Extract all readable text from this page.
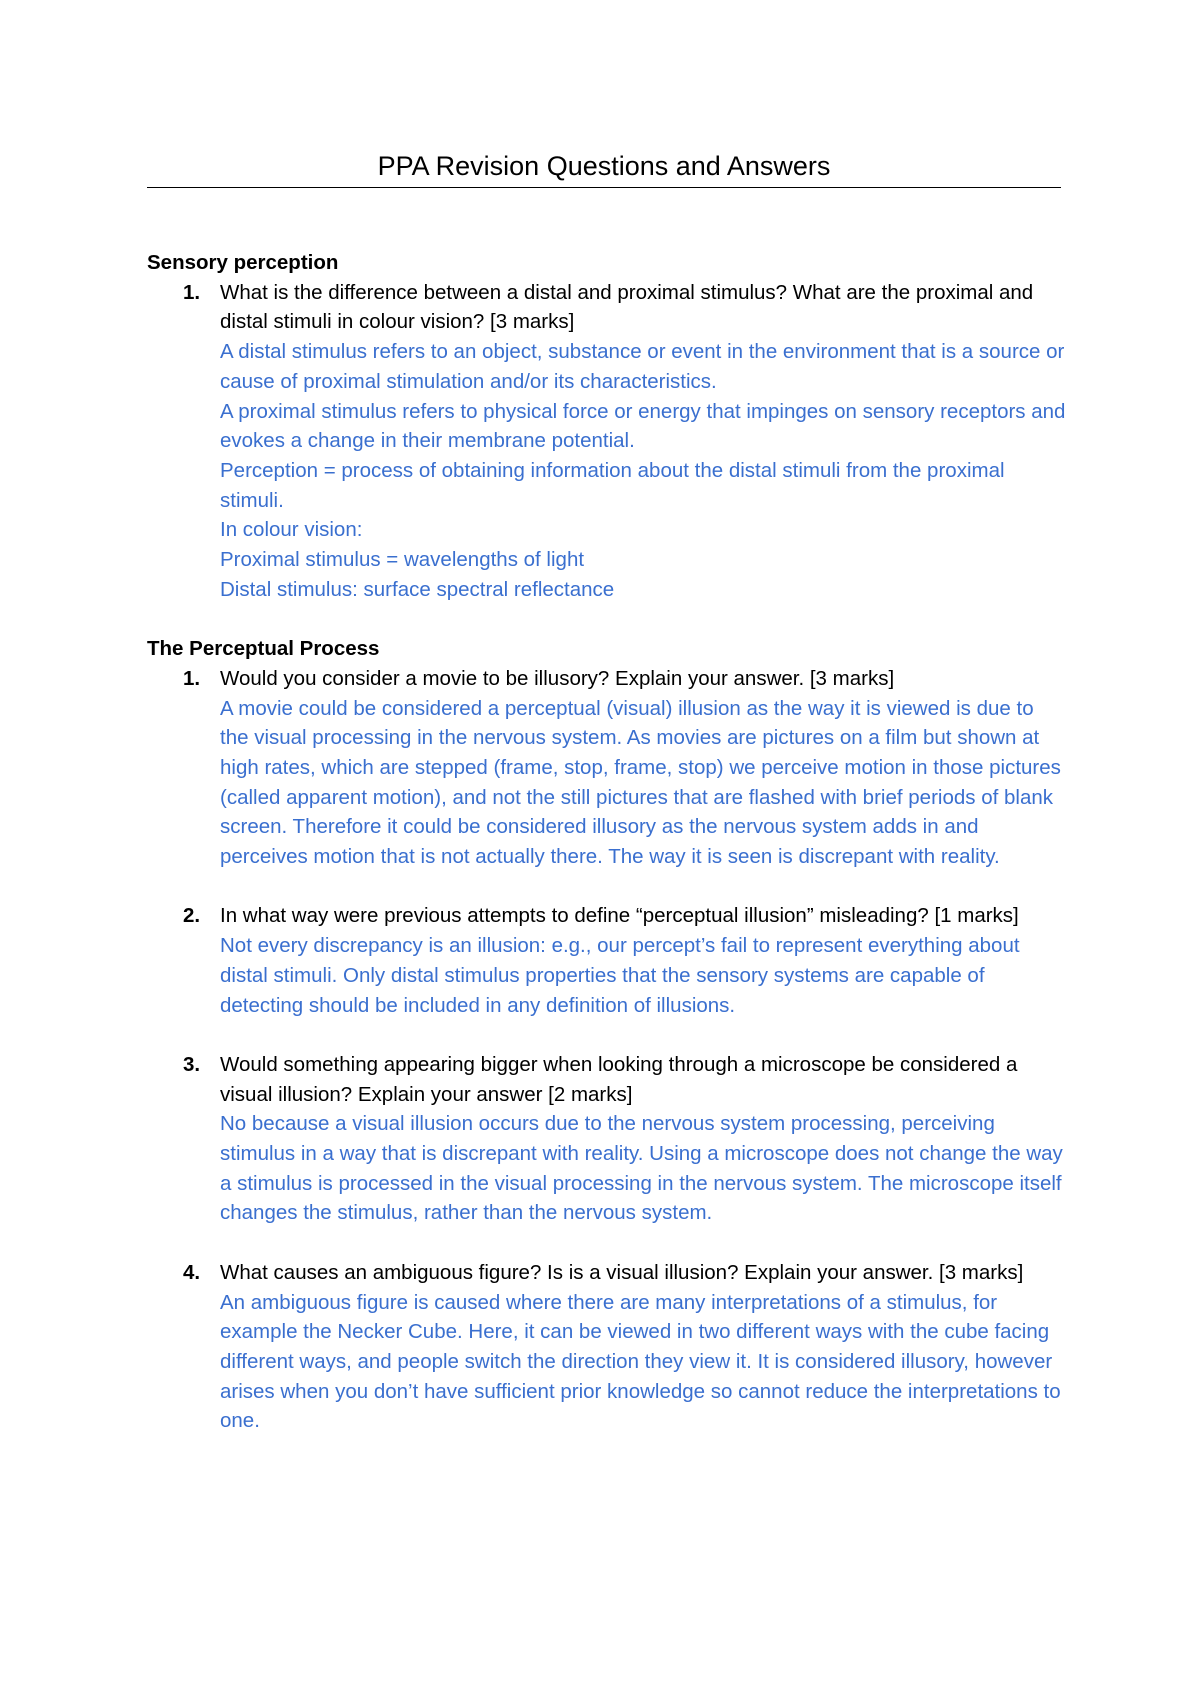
PPA Revision Questions and Answers

Sensory perception

1. What is the difference between a distal and proximal stimulus? What are the proximal and distal stimuli in colour vision? [3 marks]

A distal stimulus refers to an object, substance or event in the environment that is a source or cause of proximal stimulation and/or its characteristics.

A proximal stimulus refers to physical force or energy that impinges on sensory receptors and evokes a change in their membrane potential.

Perception = process of obtaining information about the distal stimuli from the proximal stimuli.

In colour vision:

Proximal stimulus = wavelengths of light

Distal stimulus: surface spectral reflectance

The Perceptual Process

1. Would you consider a movie to be illusory? Explain your answer. [3 marks]

A movie could be considered a perceptual (visual) illusion as the way it is viewed is due to the visual processing in the nervous system. As movies are pictures on a film but shown at high rates, which are stepped (frame, stop, frame, stop) we perceive motion in those pictures (called apparent motion), and not the still pictures that are flashed with brief periods of blank screen. Therefore it could be considered illusory as the nervous system adds in and perceives motion that is not actually there. The way it is seen is discrepant with reality.

2. In what way were previous attempts to define “perceptual illusion” misleading? [1 marks]

Not every discrepancy is an illusion: e.g., our percept’s fail to represent everything about distal stimuli. Only distal stimulus properties that the sensory systems are capable of detecting should be included in any definition of illusions.

3. Would something appearing bigger when looking through a microscope be considered a visual illusion? Explain your answer [2 marks]

No because a visual illusion occurs due to the nervous system processing, perceiving stimulus in a way that is discrepant with reality. Using a microscope does not change the way a stimulus is processed in the visual processing in the nervous system. The microscope itself changes the stimulus, rather than the nervous system.

4. What causes an ambiguous figure? Is is a visual illusion? Explain your answer. [3 marks]

An ambiguous figure is caused where there are many interpretations of a stimulus, for example the Necker Cube. Here, it can be viewed in two different ways with the cube facing different ways, and people switch the direction they view it. It is considered illusory, however arises when you don’t have sufficient prior knowledge so cannot reduce the interpretations to one.
